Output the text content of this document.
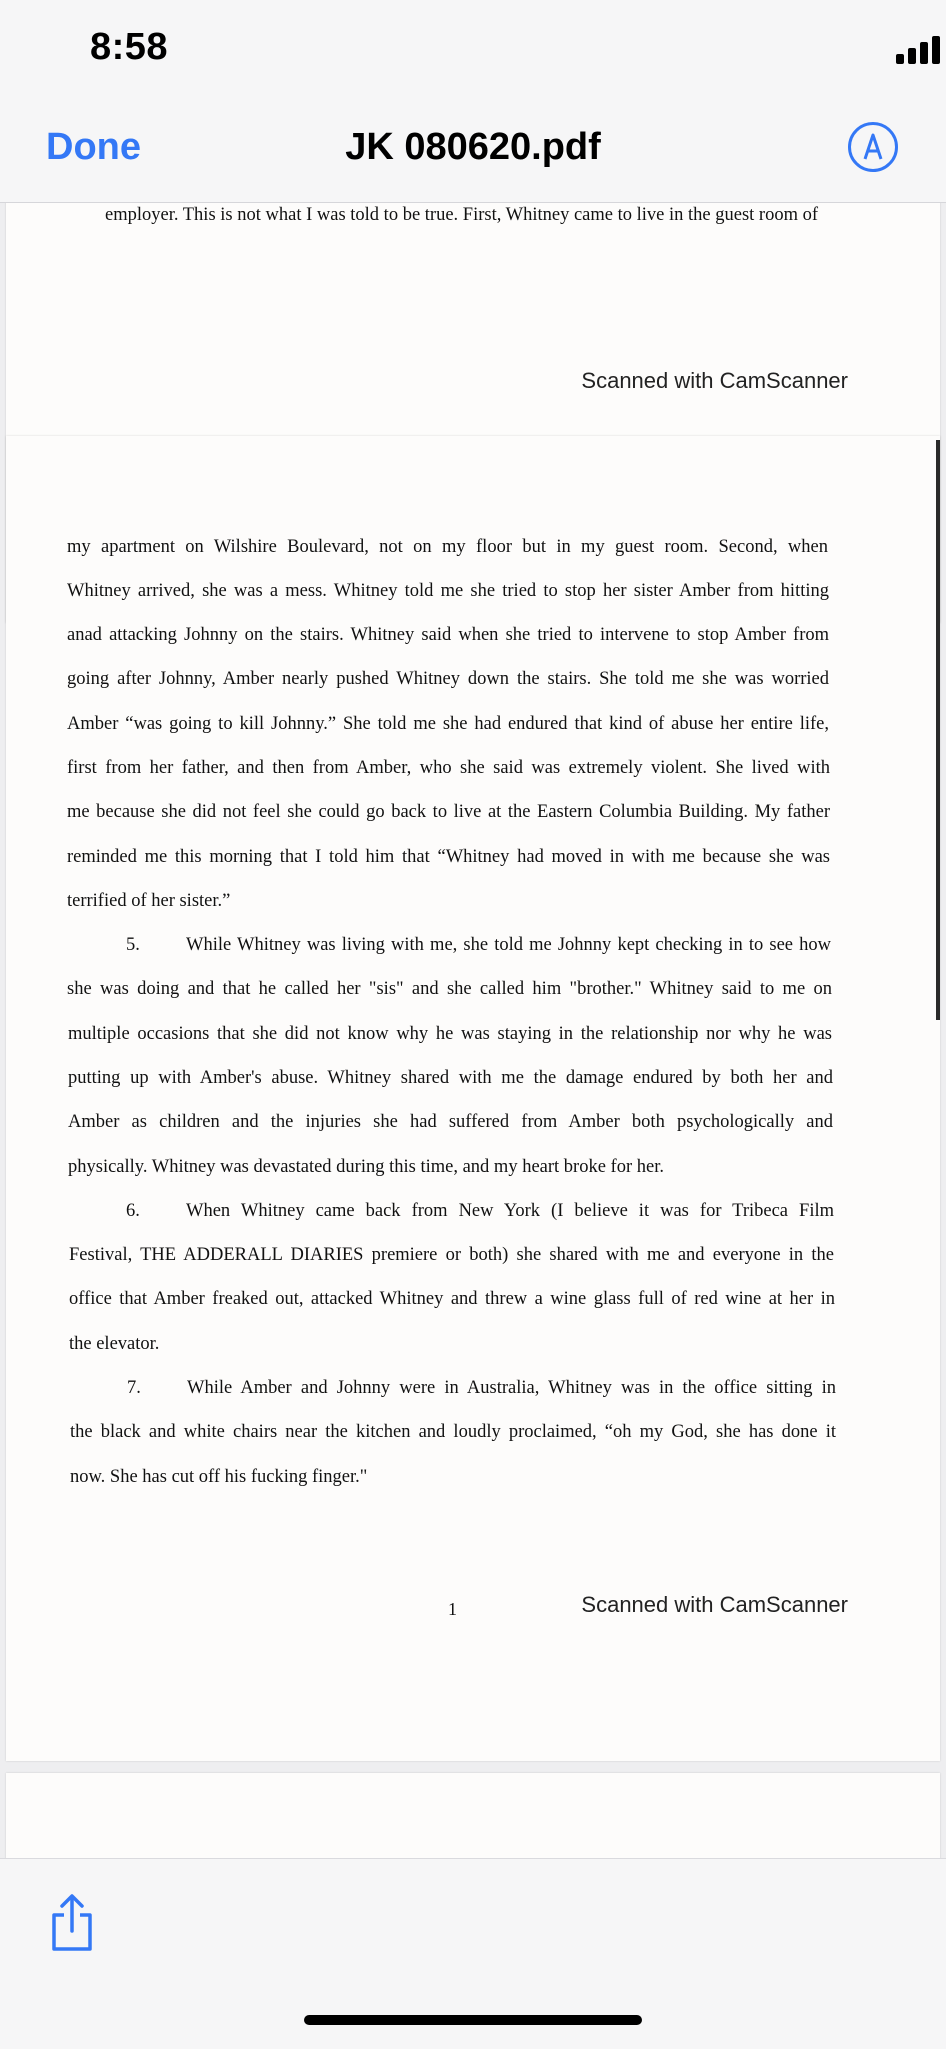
8:58
Done	JK 080620.pdf
employer. This is not what I was told to be true. First, Whitney came to live in the guest room of
Scanned with CamScanner
my apartment on Wilshire Boulevard, not on my floor but in my guest room. Second, when
Whitney arrived, she was a mess. Whitney told me she tried to stop her sister Amber from hitting
anad attacking Johnny on the stairs. Whitney said when she tried to intervene to stop Amber from
going after Johnny, Amber nearly pushed Whitney down the stairs. She told me she was worried
Amber “was going to kill Johnny.” She told me she had endured that kind of abuse her entire life,
first from her father, and then from Amber, who she said was extremely violent. She lived with
me because she did not feel she could go back to live at the Eastern Columbia Building. My father
reminded me this morning that I told him that “Whitney had moved in with me because she was
terrified of her sister.”
5. While Whitney was living with me, she told me Johnny kept checking in to see how
she was doing and that he called her "sis" and she called him "brother." Whitney said to me on
multiple occasions that she did not know why he was staying in the relationship nor why he was
putting up with Amber's abuse. Whitney shared with me the damage endured by both her and
Amber as children and the injuries she had suffered from Amber both psychologically and
physically. Whitney was devastated during this time, and my heart broke for her.
6. When Whitney came back from New York (I believe it was for Tribeca Film
Festival, THE ADDERALL DIARIES premiere or both) she shared with me and everyone in the
office that Amber freaked out, attacked Whitney and threw a wine glass full of red wine at her in
the elevator.
7. While Amber and Johnny were in Australia, Whitney was in the office sitting in
the black and white chairs near the kitchen and loudly proclaimed, “oh my God, she has done it
now. She has cut off his fucking finger."
1	Scanned with CamScanner
